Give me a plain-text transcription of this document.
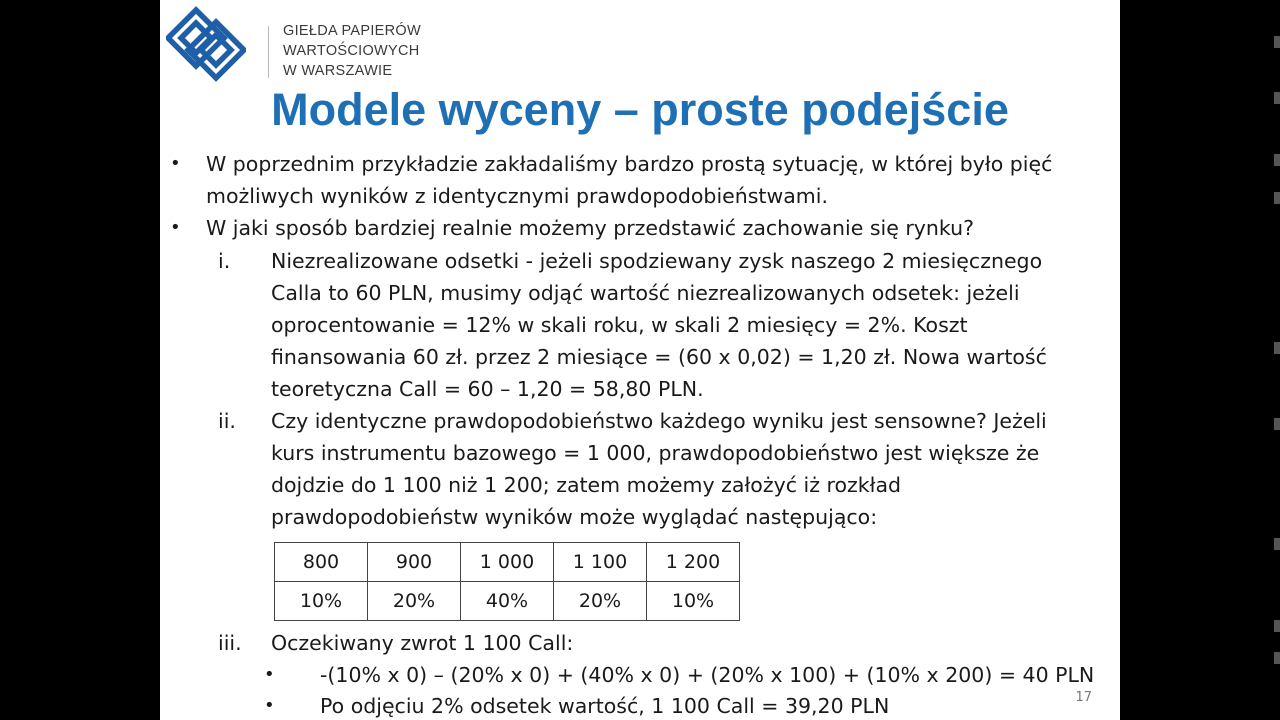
GIEŁDA PAPIERÓW
WARTOŚCIOWYCH
W WARSZAWIE
Modele wyceny – proste podejście
• W poprzednim przykładzie zakładaliśmy bardzo prostą sytuację, w której było pięć
możliwych wyników z identycznymi prawdopodobieństwami.
• W jaki sposób bardziej realnie możemy przedstawić zachowanie się rynku?
i. Niezrealizowane odsetki - jeżeli spodziewany zysk naszego 2 miesięcznego
Calla to 60 PLN, musimy odjąć wartość niezrealizowanych odsetek: jeżeli
oprocentowanie = 12% w skali roku, w skali 2 miesięcy = 2%. Koszt
finansowania 60 zł. przez 2 miesiące = (60 x 0,02) = 1,20 zł. Nowa wartość
teoretyczna Call = 60 – 1,20 = 58,80 PLN.
ii. Czy identyczne prawdopodobieństwo każdego wyniku jest sensowne? Jeżeli
kurs instrumentu bazowego = 1 000, prawdopodobieństwo jest większe że
dojdzie do 1 100 niż 1 200; zatem możemy założyć iż rozkład
prawdopodobieństw wyników może wyglądać następująco:
800	900	1 000	1 100	1 200
10%	20%	40%	20%	10%
iii. Oczekiwany zwrot 1 100 Call:
• -(10% x 0) – (20% x 0) + (40% x 0) + (20% x 100) + (10% x 200) = 40 PLN
• Po odjęciu 2% odsetek wartość, 1 100 Call = 39,20 PLN	17
